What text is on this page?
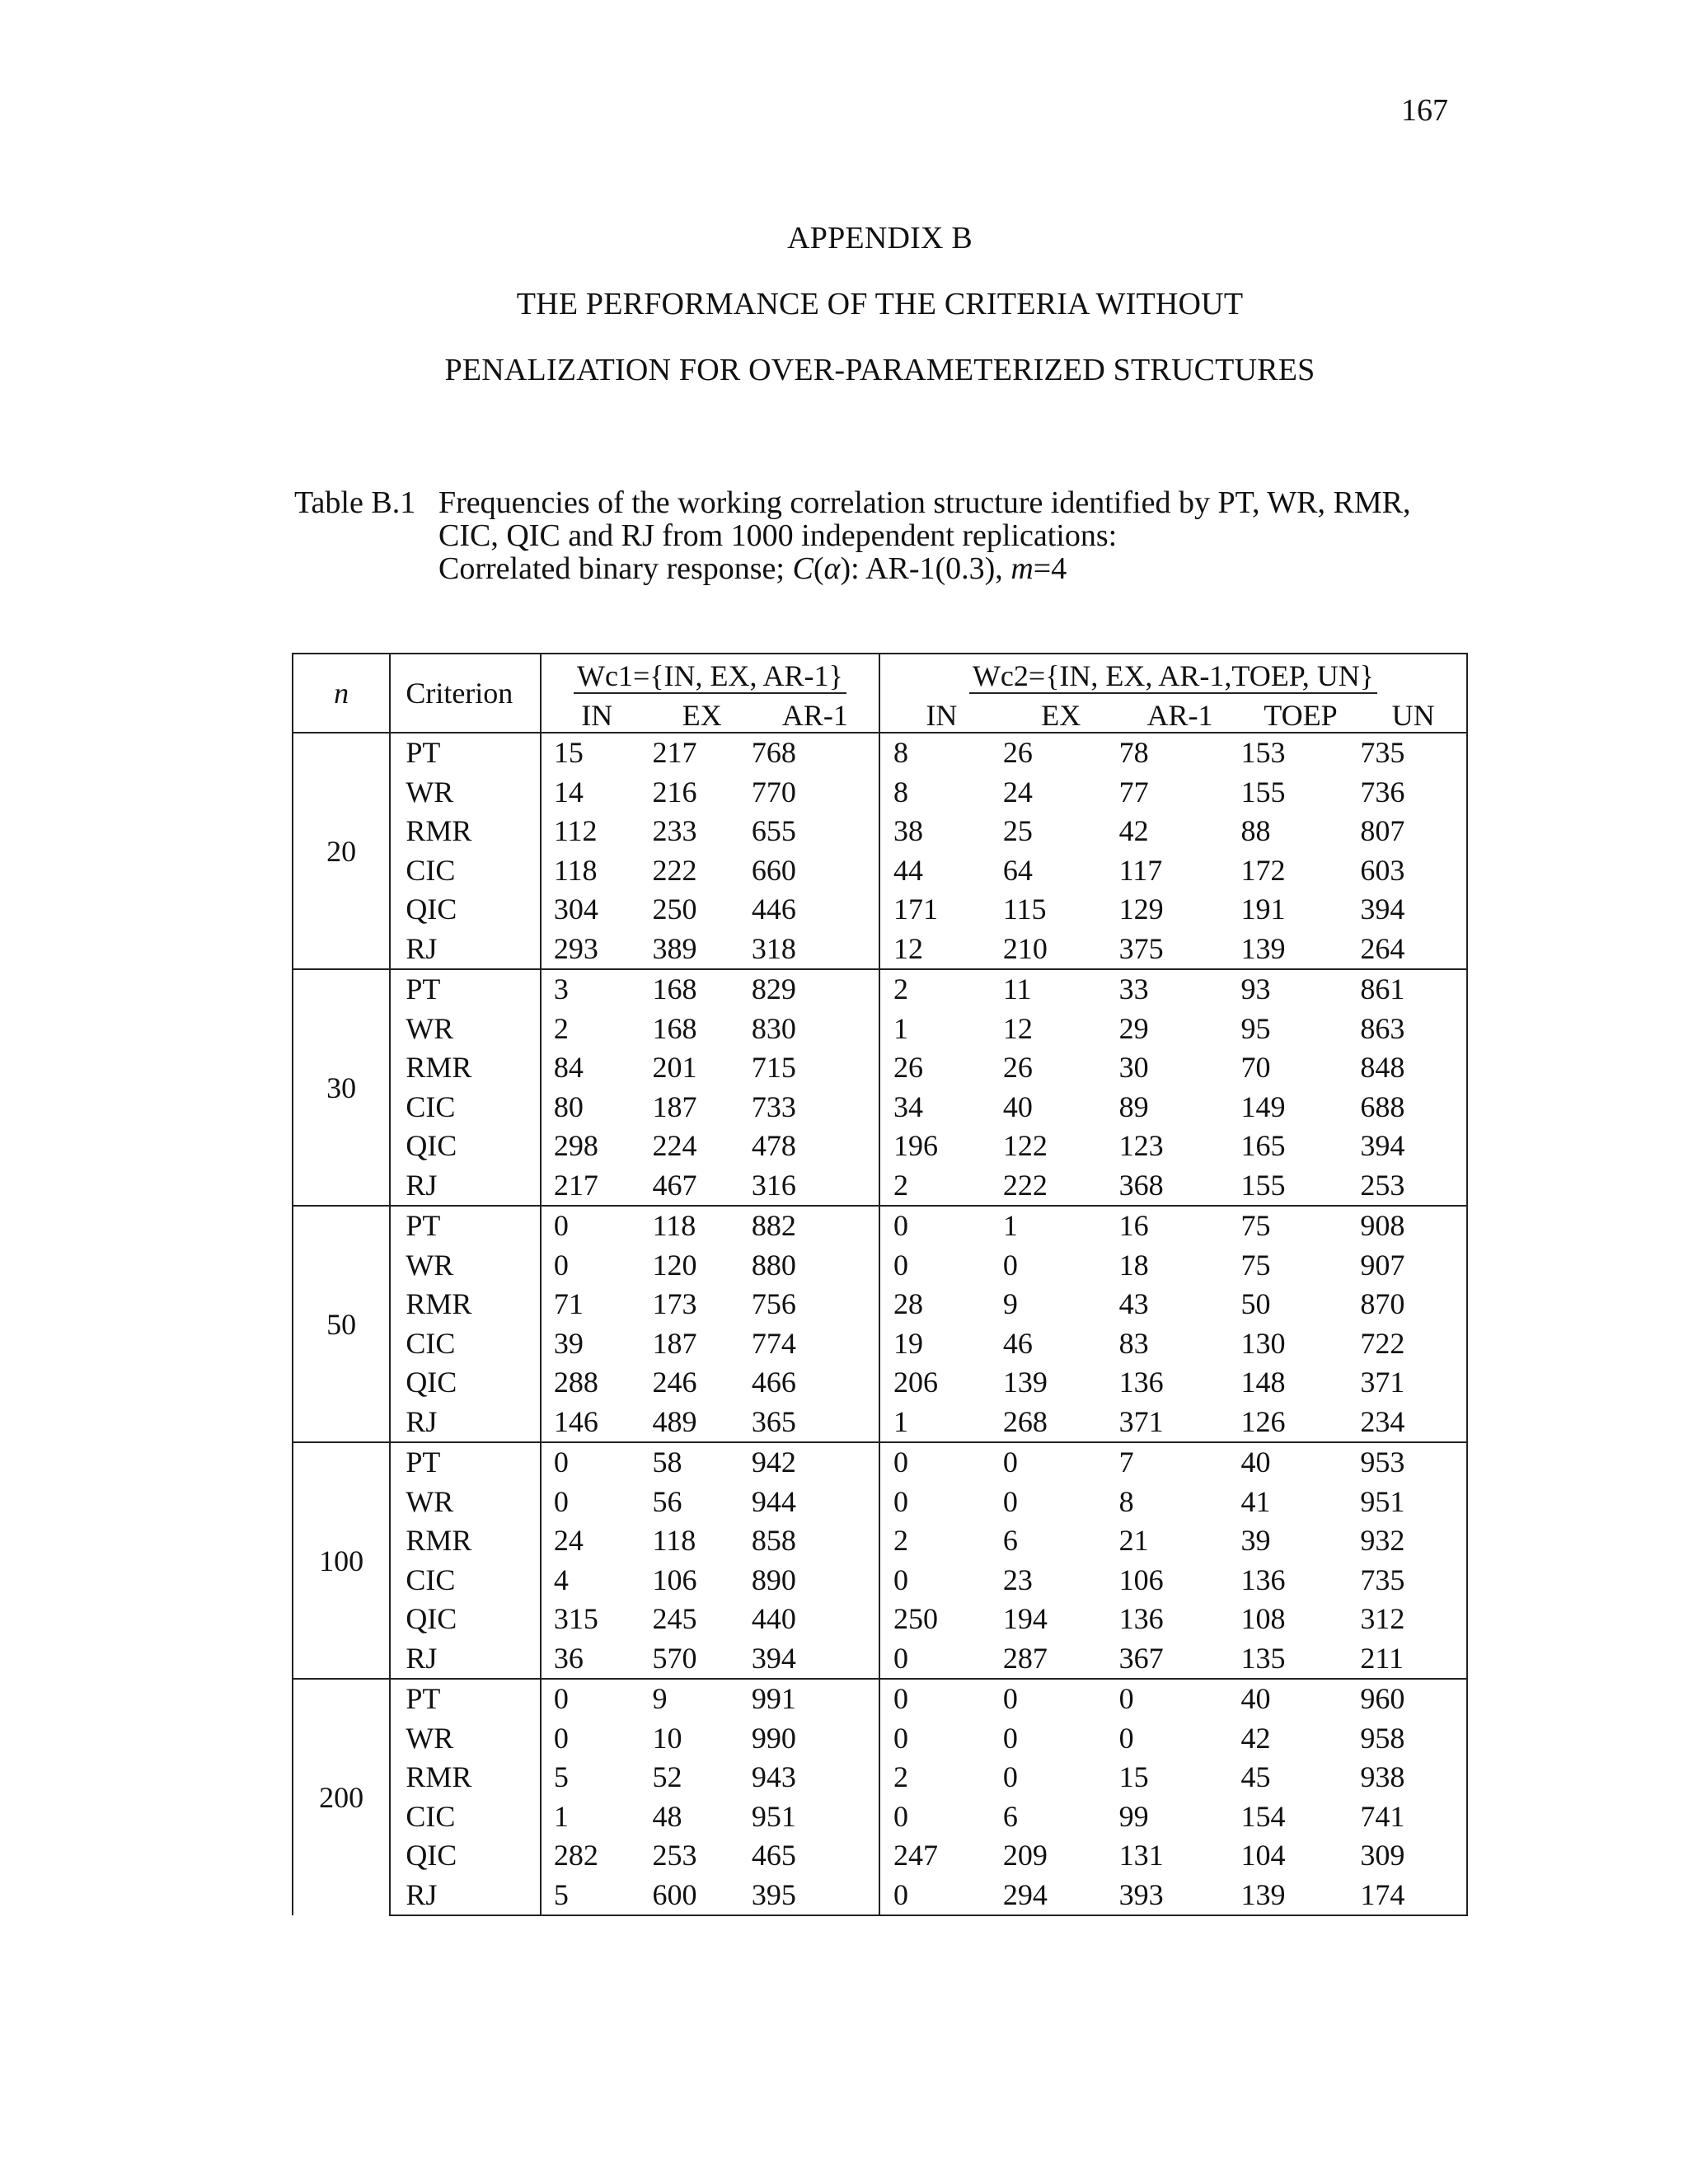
167
APPENDIX B
THE PERFORMANCE OF THE CRITERIA WITHOUT
PENALIZATION FOR OVER-PARAMETERIZED STRUCTURES
Table B.1 Frequencies of the working correlation structure identified by PT, WR, RMR,
CIC, QIC and RJ from 1000 independent replications:
Correlated binary response; C(α): AR-1(0.3), m=4
n	Criterion	Wc1={IN, EX, AR-1}			Wc2={IN, EX, AR-1,TOEP, UN}				
		IN	EX	AR-1	IN	EX	AR-1	TOEP	UN
20	PT	15	217	768	8	26	78	153	735
	WR	14	216	770	8	24	77	155	736
	RMR	112	233	655	38	25	42	88	807
	CIC	118	222	660	44	64	117	172	603
	QIC	304	250	446	171	115	129	191	394
	RJ	293	389	318	12	210	375	139	264
30	PT	3	168	829	2	11	33	93	861
	WR	2	168	830	1	12	29	95	863
	RMR	84	201	715	26	26	30	70	848
	CIC	80	187	733	34	40	89	149	688
	QIC	298	224	478	196	122	123	165	394
	RJ	217	467	316	2	222	368	155	253
50	PT	0	118	882	0	1	16	75	908
	WR	0	120	880	0	0	18	75	907
	RMR	71	173	756	28	9	43	50	870
	CIC	39	187	774	19	46	83	130	722
	QIC	288	246	466	206	139	136	148	371
	RJ	146	489	365	1	268	371	126	234
100	PT	0	58	942	0	0	7	40	953
	WR	0	56	944	0	0	8	41	951
	RMR	24	118	858	2	6	21	39	932
	CIC	4	106	890	0	23	106	136	735
	QIC	315	245	440	250	194	136	108	312
	RJ	36	570	394	0	287	367	135	211
200	PT	0	9	991	0	0	0	40	960
	WR	0	10	990	0	0	0	42	958
	RMR	5	52	943	2	0	15	45	938
	CIC	1	48	951	0	6	99	154	741
	QIC	282	253	465	247	209	131	104	309
	RJ	5	600	395	0	294	393	139	174
